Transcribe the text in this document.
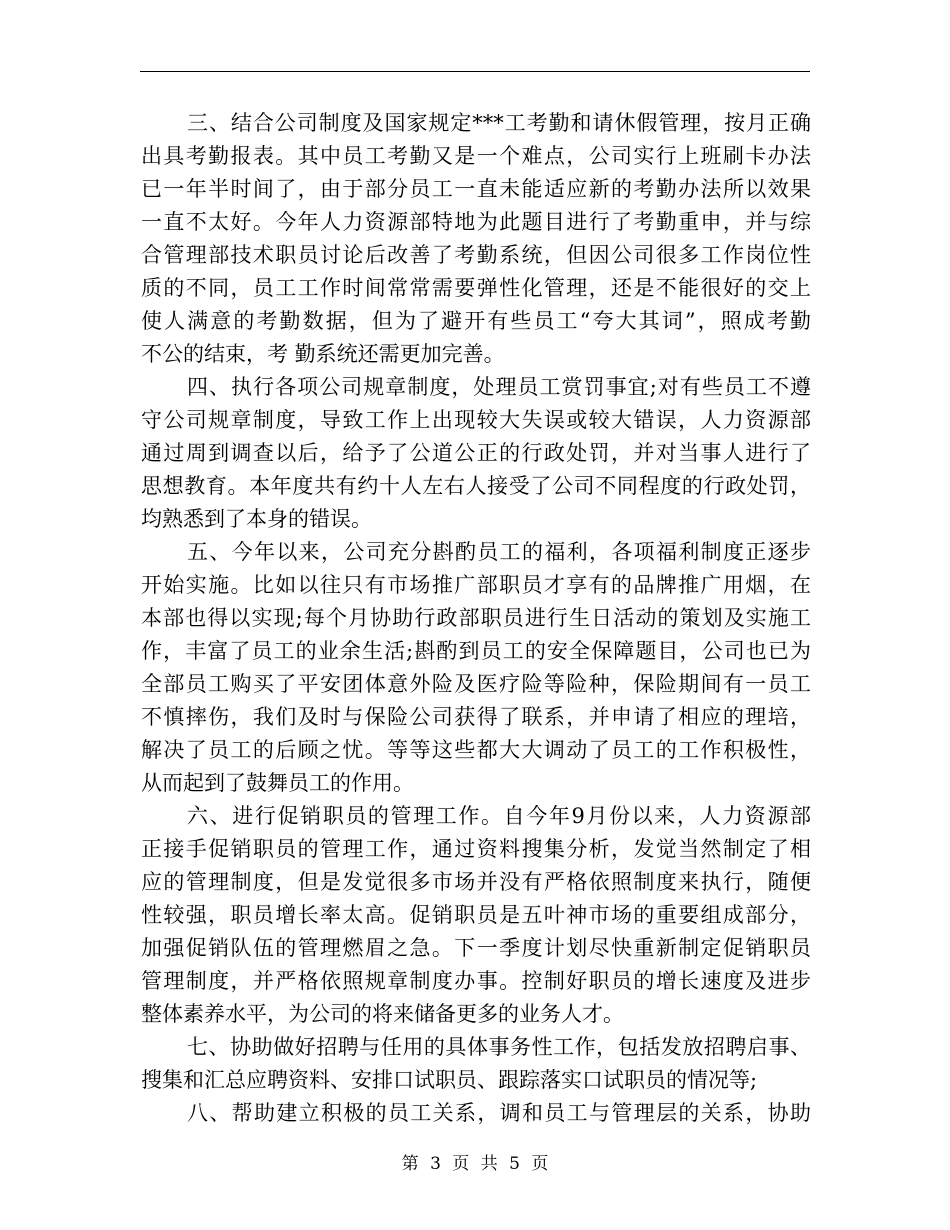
三、结合公司制度及国家规定***工考勤和请休假管理，按月正确
出具考勤报表。其中员工考勤又是一个难点，公司实行上班刷卡办法
已一年半时间了，由于部分员工一直未能适应新的考勤办法所以效果
一直不太好。今年人力资源部特地为此题目进行了考勤重申，并与综
合管理部技术职员讨论后改善了考勤系统，但因公司很多工作岗位性
质的不同，员工工作时间常常需要弹性化管理，还是不能很好的交上
使人满意的考勤数据，但为了避开有些员工“夸大其词”，照成考勤
不公的结束，考 勤系统还需更加完善。
四、执行各项公司规章制度，处理员工赏罚事宜;对有些员工不遵
守公司规章制度，导致工作上出现较大失误或较大错误，人力资源部
通过周到调查以后，给予了公道公正的行政处罚，并对当事人进行了
思想教育。本年度共有约十人左右人接受了公司不同程度的行政处罚，
均熟悉到了本身的错误。
五、今年以来，公司充分斟酌员工的福利，各项福利制度正逐步
开始实施。比如以往只有市场推广部职员才享有的品牌推广用烟，在
本部也得以实现;每个月协助行政部职员进行生日活动的策划及实施工
作，丰富了员工的业余生活;斟酌到员工的安全保障题目，公司也已为
全部员工购买了平安团体意外险及医疗险等险种，保险期间有一员工
不慎摔伤，我们及时与保险公司获得了联系，并申请了相应的理培，
解决了员工的后顾之忧。等等这些都大大调动了员工的工作积极性，
从而起到了鼓舞员工的作用。
六、进行促销职员的管理工作。自今年9月份以来，人力资源部
正接手促销职员的管理工作，通过资料搜集分析，发觉当然制定了相
应的管理制度，但是发觉很多市场并没有严格依照制度来执行，随便
性较强，职员增长率太高。促销职员是五叶神市场的重要组成部分，
加强促销队伍的管理燃眉之急。下一季度计划尽快重新制定促销职员
管理制度，并严格依照规章制度办事。控制好职员的增长速度及进步
整体素养水平，为公司的将来储备更多的业务人才。
七、协助做好招聘与任用的具体事务性工作，包括发放招聘启事、
搜集和汇总应聘资料、安排口试职员、跟踪落实口试职员的情况等;
八、帮助建立积极的员工关系，调和员工与管理层的关系，协助
第 3 页 共 5 页
